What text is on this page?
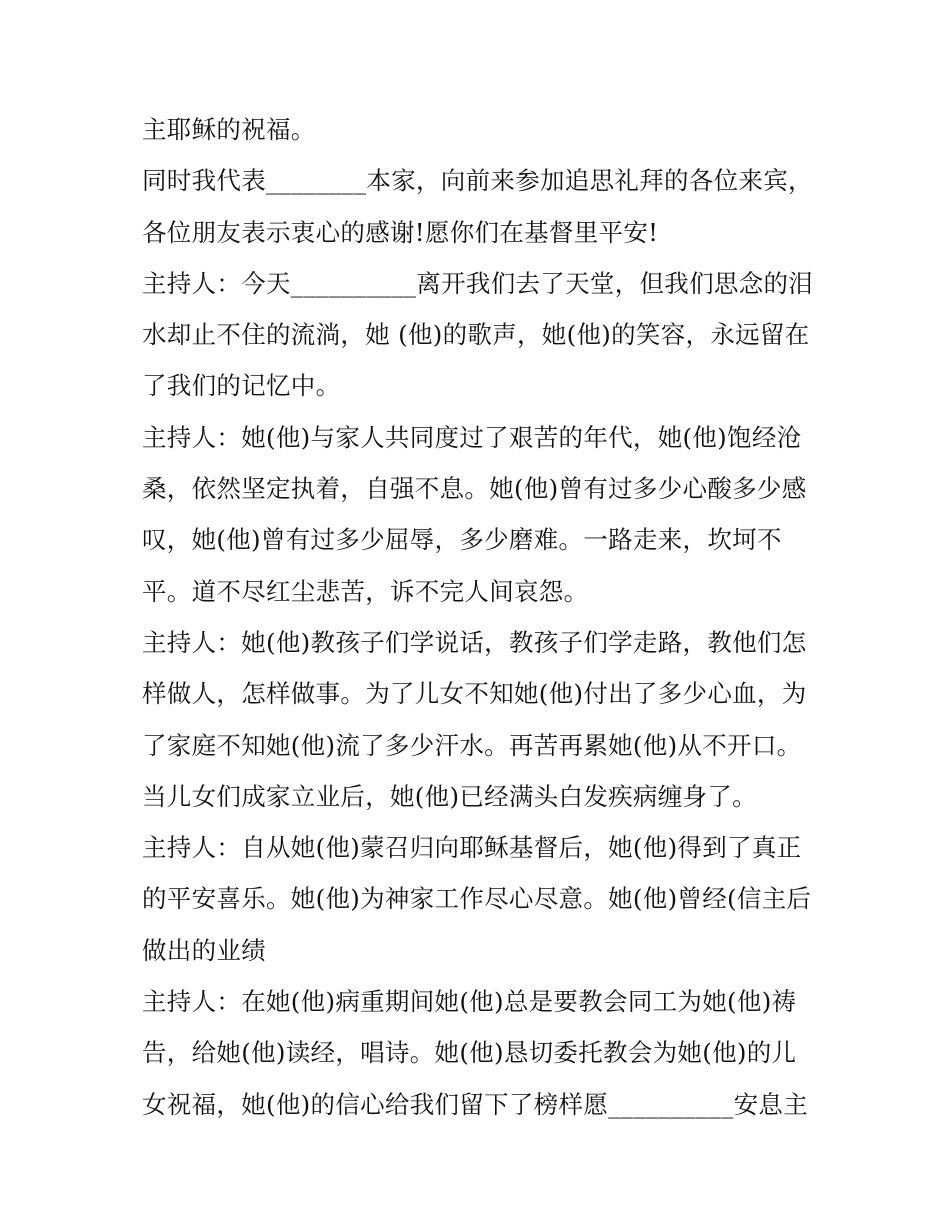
主耶稣的祝福。
同时我代表________本家，向前来参加追思礼拜的各位来宾，
各位朋友表示衷心的感谢!愿你们在基督里平安!
主持人：今天__________离开我们去了天堂，但我们思念的泪
水却止不住的流淌，她 (他)的歌声，她(他)的笑容，永远留在
了我们的记忆中。
主持人：她(他)与家人共同度过了艰苦的年代，她(他)饱经沧
桑，依然坚定执着，自强不息。她(他)曾有过多少心酸多少感
叹，她(他)曾有过多少屈辱，多少磨难。一路走来，坎坷不
平。道不尽红尘悲苦，诉不完人间哀怨。
主持人：她(他)教孩子们学说话，教孩子们学走路，教他们怎
样做人，怎样做事。为了儿女不知她(他)付出了多少心血，为
了家庭不知她(他)流了多少汗水。再苦再累她(他)从不开口。
当儿女们成家立业后，她(他)已经满头白发疾病缠身了。
主持人：自从她(他)蒙召归向耶稣基督后，她(他)得到了真正
的平安喜乐。她(他)为神家工作尽心尽意。她(他)曾经(信主后
做出的业绩
主持人：在她(他)病重期间她(他)总是要教会同工为她(他)祷
告，给她(他)读经，唱诗。她(他)恳切委托教会为她(他)的儿
女祝福，她(他)的信心给我们留下了榜样愿__________安息主
